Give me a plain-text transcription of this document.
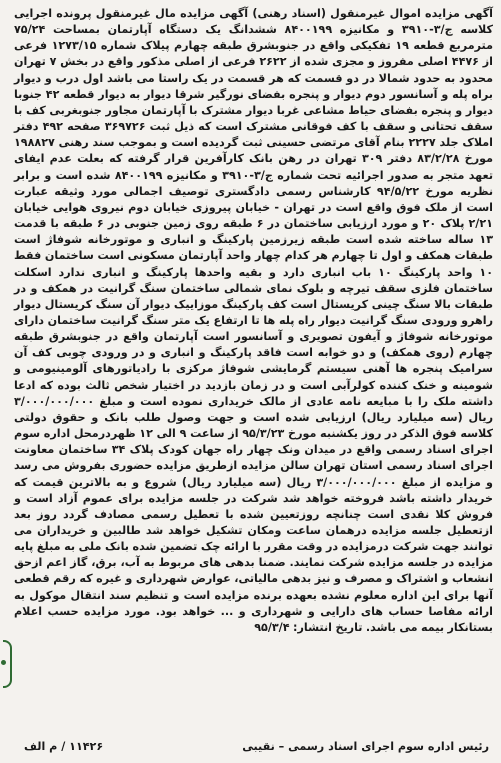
آگهی مزایده اموال غیرمنقول (اسناد رهنی) آگهی مزایده مال غیرمنقول پرونده اجرایی کلاسه ج/۳-۳۹۱۰ و مکانیزه ۸۴۰۰۱۹۹ ششدانگ یک دستگاه آپارتمان بمساحت ۷۵/۲۴ مترمربع قطعه ۱۹ تفکیکی واقع در جنوبشرق طبقه چهارم پیلاک شماره ۱۲۷۳/۱۵ فرعی از ۴۴۷۶ اصلی مفروز و مجزی شده از ۲۶۲۲ فرعی از اصلی مذکور واقع در بخش ۷ تهران محدود به حدود شمالا در دو قسمت که هر قسمت در یک راستا می باشد اول درب و دیوار براه پله و آسانسور دوم دیوار و پنجره بفضای نورگیر شرقا دیوار به دیوار قطعه ۴۲ جنوبا دیوار و پنجره بفضای حیاط مشاعی غربا دیوار مشترک با آپارتمان مجاور جنوبغربی کف با سقف تحتانی و سقف با کف فوقانی مشترک است که ذیل ثبت ۳۶۹۷۲۶ صفحه ۴۹۲ دفتر املاک جلد ۲۲۲۷ بنام آقای مرتضی حسینی ثبت گردیده است و بموجب سند رهنی ۱۹۸۸۲۷ مورخ ۸۳/۲/۲۸ دفتر ۳۰۹ تهران در رهن بانک کارآفرین قرار گرفته که بعلت عدم ایفای تعهد متجر به صدور اجرائیه تحت شماره ج/۳-۳۹۱۰ و مکانیزه ۸۴۰۰۱۹۹ شده است و برابر نظریه مورخ ۹۴/۵/۲۲ کارشناس رسمی دادگستری توصیف اجمالی مورد وثیقه عبارت است از ملک فوق واقع است در تهران - خیابان پیروزی خیابان دوم نیروی هوایی خیابان ۲/۲۱ پلاک ۲۰ و مورد ارزیابی ساختمان در ۶ طبقه روی زمین جنوبی در ۶ طبقه با قدمت ۱۳ ساله ساخته شده است طبقه زیرزمین پارکینگ و انباری و موتورخانه شوفاژ است طبقات همکف و اول تا چهارم هر کدام چهار واحد آپارتمان مسکونی است ساختمان فقط ۱۰ واحد پارکینگ ۱۰ باب انباری دارد و بقیه واحدها پارکینگ و انباری ندارد اسکلت ساختمان فلزی سقف تیرچه و بلوک نمای شمالی ساختمان سنگ گرانیت در همکف و در طبقات بالا سنگ چینی کریستال است کف پارکینگ موزاییک دیوار آن سنگ کریستال دیوار راهرو ورودی سنگ گرانیت دیوار راه پله ها تا ارتفاع یک متر سنگ گرانیت ساختمان دارای موتورخانه شوفاژ و آیفون تصویری و آسانسور است آپارتمان واقع در جنوبشرق طبقه چهارم (روی همکف) و دو خوابه است فاقد پارکینگ و انباری و در ورودی چوبی کف آن سرامیک پنجره ها آهنی سیستم گرمایشی شوفاژ مرکزی با رادیاتورهای آلومینیومی و شومینه و خنک کننده کولرآبی است و در زمان بازدید در اختیار شخص ثالث بوده که ادعا داشته ملک را با مبایعه نامه عادی از مالک خریداری نموده است و مبلغ ۳/۰۰۰/۰۰۰/۰۰۰ ریال (سه میلیارد ریال) ارزیابی شده است و جهت وصول طلب بانک و حقوق دولتی کلاسه فوق الذکر در روز یکشنبه مورخ ۹۵/۳/۲۳ از ساعت ۹ الی ۱۲ ظهردرمحل اداره سوم اجرای اسناد رسمی واقع در میدان ونک چهار راه جهان کودک پلاک ۳۴ ساختمان معاونت اجرای اسناد رسمی استان تهران سالن مزایده ازطریق مزایده حضوری بفروش می رسد و مزایده از مبلغ ۳/۰۰۰/۰۰۰/۰۰۰ ریال (سه میلیارد ریال) شروع و به بالاترین قیمت که خریدار داشته باشد فروخته خواهد شد شرکت در جلسه مزایده برای عموم آزاد است و فروش کلا نقدی است چنانچه روزتعیین شده با تعطیل رسمی مصادف گردد روز بعد ازتعطیل جلسه مزایده درهمان ساعت ومکان تشکیل خواهد شد طالبین و خریداران می توانند جهت شرکت درمزایده در وقت مقرر با ارائه چک تضمین شده بانک ملی به مبلغ پایه مزایده در جلسه مزایده شرکت نمایند. ضمنا بدهی های مربوط به آب، برق، گاز اعم ازحق انشعاب و اشتراک و مصرف و نیز بدهی مالیاتی، عوارض شهرداری و غیره که رقم قطعی آنها برای این اداره معلوم نشده بعهده برنده مزایده است و تنظیم سند انتقال موکول به ارائه مفاصا حساب های دارایی و شهرداری و ... خواهد بود. مورد مزایده حسب اعلام بستانکار بیمه می باشد. تاریخ انتشار: ۹۵/۳/۴

رئیس اداره سوم اجرای اسناد رسمی – نقیبی
۱۱۴۲۶ / م الف
